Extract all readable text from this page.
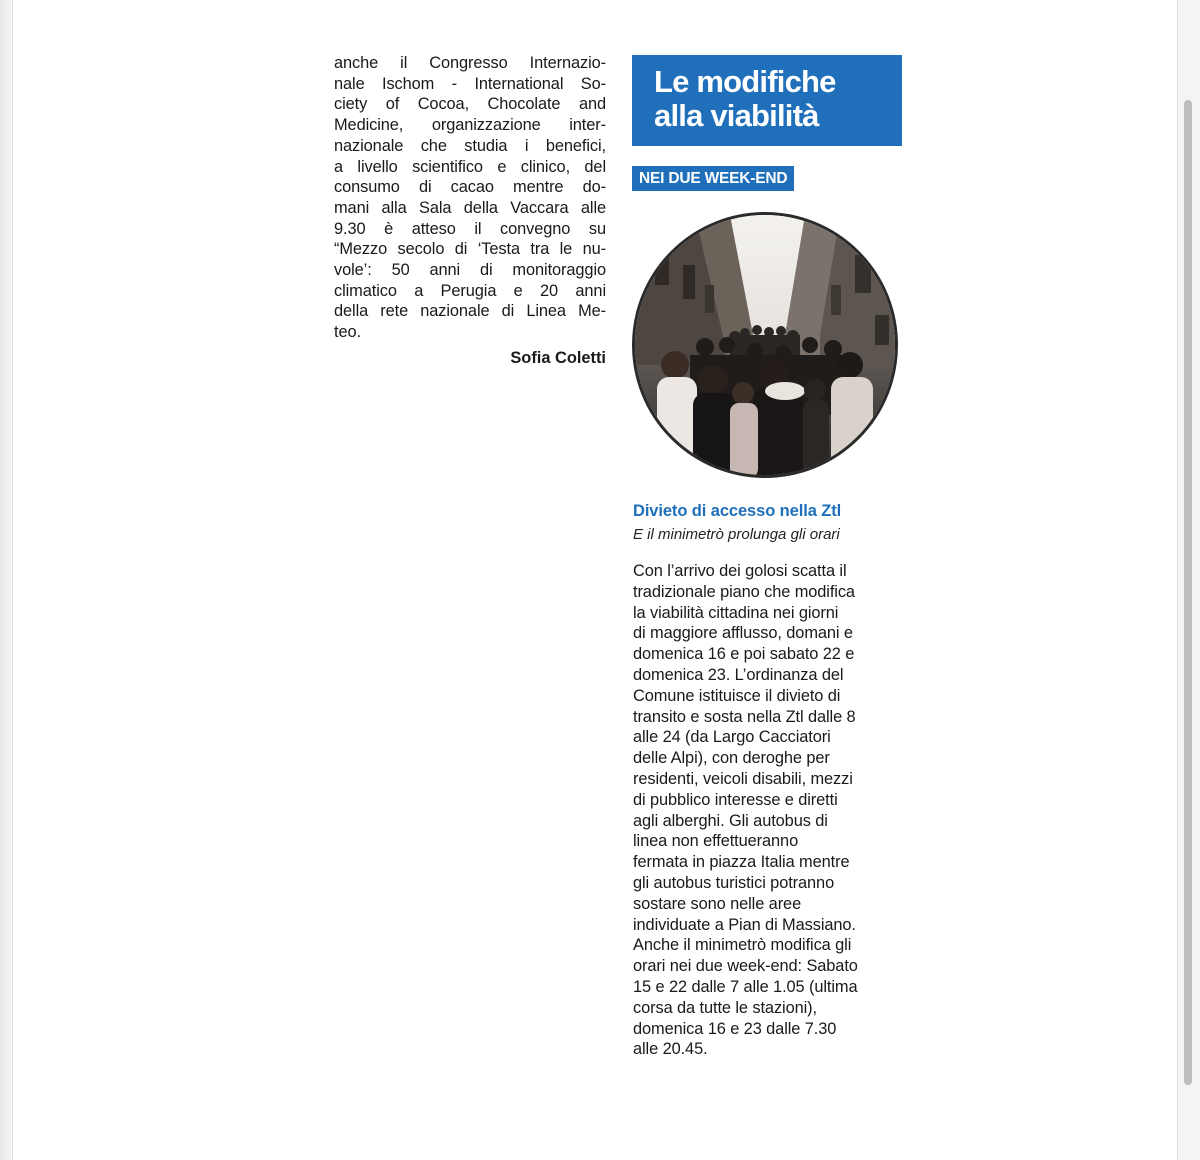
anche il Congresso Internazio-
nale Ischom - International So-
ciety of Cocoa, Chocolate and
Medicine, organizzazione inter-
nazionale che studia i benefici,
a livello scientifico e clinico, del
consumo di cacao mentre do-
mani alla Sala della Vaccara alle
9.30 è atteso il convegno su
“Mezzo secolo di ‘Testa tra le nu-
vole’: 50 anni di monitoraggio
climatico a Perugia e 20 anni
della rete nazionale di Linea Me-
teo.
Sofia Coletti
Le modifiche
alla viabilità
NEI DUE WEEK-END
Divieto di accesso nella Ztl
E il minimetrò prolunga gli orari
Con l’arrivo dei golosi scatta il
tradizionale piano che modifica
la viabilità cittadina nei giorni
di maggiore afflusso, domani e
domenica 16 e poi sabato 22 e
domenica 23. L’ordinanza del
Comune istituisce il divieto di
transito e sosta nella Ztl dalle 8
alle 24 (da Largo Cacciatori
delle Alpi), con deroghe per
residenti, veicoli disabili, mezzi
di pubblico interesse e diretti
agli alberghi. Gli autobus di
linea non effettueranno
fermata in piazza Italia mentre
gli autobus turistici potranno
sostare sono nelle aree
individuate a Pian di Massiano.
Anche il minimetrò modifica gli
orari nei due week-end: Sabato
15 e 22 dalle 7 alle 1.05 (ultima
corsa da tutte le stazioni),
domenica 16 e 23 dalle 7.30
alle 20.45.
